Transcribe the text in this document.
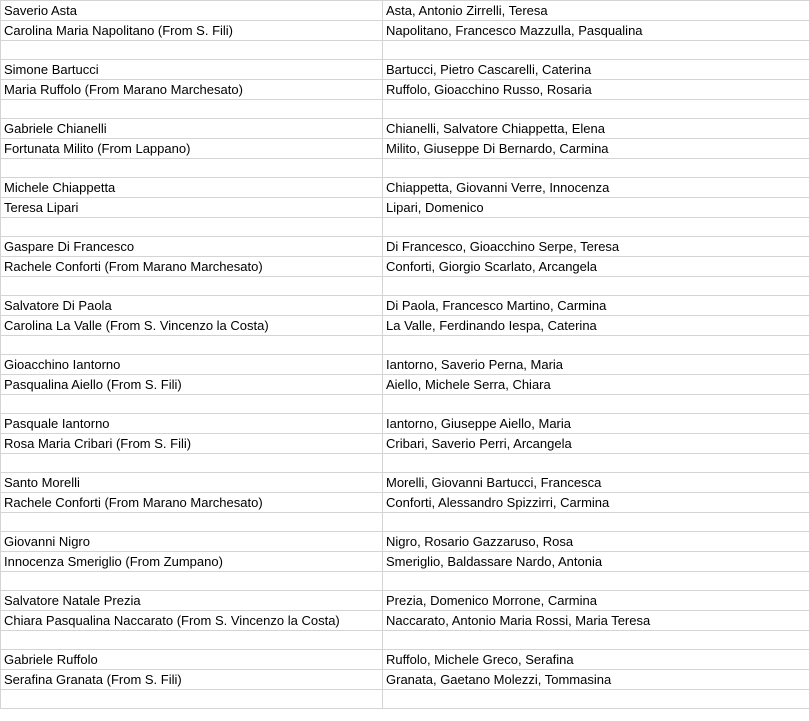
Saverio Asta	Asta, Antonio Zirrelli, Teresa
Carolina Maria Napolitano (From S. Fili)	Napolitano, Francesco Mazzulla, Pasqualina

Simone Bartucci	Bartucci, Pietro Cascarelli, Caterina
Maria Ruffolo (From Marano Marchesato)	Ruffolo, Gioacchino Russo, Rosaria

Gabriele Chianelli	Chianelli, Salvatore Chiappetta, Elena
Fortunata Milito (From Lappano)	Milito, Giuseppe Di Bernardo, Carmina

Michele Chiappetta	Chiappetta, Giovanni Verre, Innocenza
Teresa Lipari	Lipari, Domenico

Gaspare Di Francesco	Di Francesco, Gioacchino Serpe, Teresa
Rachele Conforti (From Marano Marchesato)	Conforti, Giorgio Scarlato, Arcangela

Salvatore Di Paola	Di Paola, Francesco Martino, Carmina
Carolina La Valle (From S. Vincenzo la Costa)	La Valle, Ferdinando Iespa, Caterina

Gioacchino Iantorno	Iantorno, Saverio Perna, Maria
Pasqualina Aiello (From S. Fili)	Aiello, Michele Serra, Chiara

Pasquale Iantorno	Iantorno, Giuseppe Aiello, Maria
Rosa Maria Cribari (From S. Fili)	Cribari, Saverio Perri, Arcangela

Santo Morelli	Morelli, Giovanni Bartucci, Francesca
Rachele Conforti (From Marano Marchesato)	Conforti, Alessandro Spizzirri, Carmina

Giovanni Nigro	Nigro, Rosario Gazzaruso, Rosa
Innocenza Smeriglio (From Zumpano)	Smeriglio, Baldassare Nardo, Antonia

Salvatore Natale Prezia	Prezia, Domenico Morrone, Carmina
Chiara Pasqualina Naccarato (From S. Vincenzo la Costa)	Naccarato, Antonio Maria Rossi, Maria Teresa

Gabriele Ruffolo	Ruffolo, Michele Greco, Serafina
Serafina Granata (From S. Fili)	Granata, Gaetano Molezzi, Tommasina
